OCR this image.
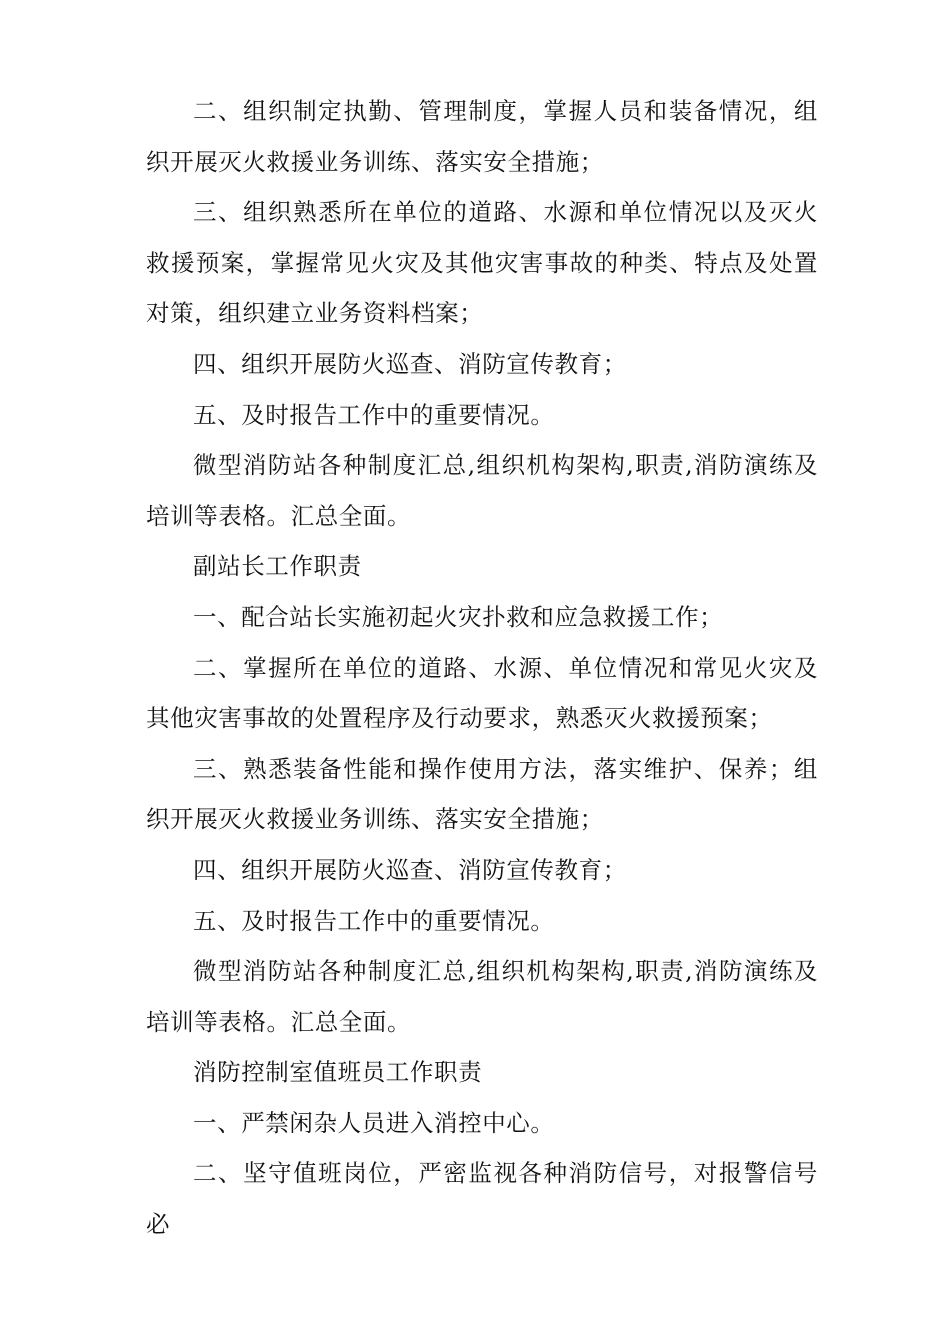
二、组织制定执勤、管理制度，掌握人员和装备情况，组织开展灭火救援业务训练、落实安全措施；

三、组织熟悉所在单位的道路、水源和单位情况以及灭火救援预案，掌握常见火灾及其他灾害事故的种类、特点及处置对策，组织建立业务资料档案；

四、组织开展防火巡查、消防宣传教育；

五、及时报告工作中的重要情况。

微型消防站各种制度汇总,组织机构架构,职责,消防演练及培训等表格。汇总全面。

副站长工作职责

一、配合站长实施初起火灾扑救和应急救援工作；

二、掌握所在单位的道路、水源、单位情况和常见火灾及其他灾害事故的处置程序及行动要求，熟悉灭火救援预案；

三、熟悉装备性能和操作使用方法，落实维护、保养；组织开展灭火救援业务训练、落实安全措施；

四、组织开展防火巡查、消防宣传教育；

五、及时报告工作中的重要情况。

微型消防站各种制度汇总,组织机构架构,职责,消防演练及培训等表格。汇总全面。

消防控制室值班员工作职责

一、严禁闲杂人员进入消控中心。

二、坚守值班岗位，严密监视各种消防信号，对报警信号必
